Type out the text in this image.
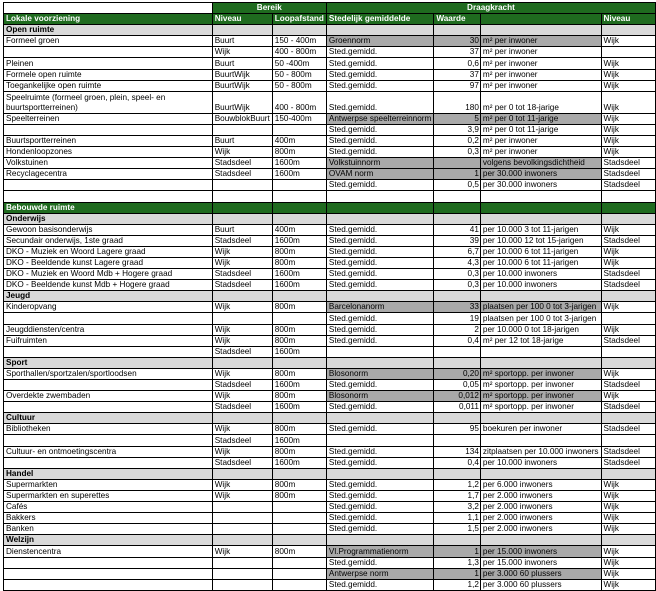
	Bereik		Draagkracht			
Lokale voorziening	Niveau	Loopafstand	Stedelijk gemiddelde	Waarde		Niveau
Open ruimte						
Formeel groen	Buurt	150 - 400m	Groennorm	30	m² per inwoner	Wijk
	Wijk	400 - 800m	Sted.gemidd.	37	m² per inwoner	
Pleinen	Buurt	50 -400m	Sted.gemidd.	0,6	m² per inwoner	Wijk
Formele open ruimte	BuurtWijk	50 - 800m	Sted.gemidd.	37	m² per inwoner	Wijk
Toegankelijke open ruimte	BuurtWijk	50 - 800m	Sted.gemidd.	97	m² per inwoner	Wijk
Speelruimte (formeel groen, plein, speel- en buurtsportterreinen)	BuurtWijk	400 - 800m	Sted.gemidd.	180	m² per 0 tot 18-jarige	Wijk
Speelterreinen	BouwblokBuurt	150-400m	Antwerpse speelterreinnorm	5	m² per 0 tot 11-jarige	Wijk
			Sted.gemidd.	3,9	m² per 0 tot 11-jarige	Wijk
Buurtsportterreinen	Buurt	400m	Sted.gemidd.	0,2	m² per inwoner	Wijk
Hondenloopzones	Wijk	800m	Sted.gemidd.	0,3	m² per inwoner	Wijk
Volkstuinen	Stadsdeel	1600m	Volkstuinnorm		volgens bevolkingsdichtheid	Stadsdeel
Recyclagecentra	Stadsdeel	1600m	OVAM norm	1	per 30.000 inwoners	Stadsdeel
			Sted.gemidd.	0,5	per 30.000 inwoners	Stadsdeel

Bebouwde ruimte						
Onderwijs						
Gewoon basisonderwijs	Buurt	400m	Sted.gemidd.	41	per 10.000 3 tot 11-jarigen	Wijk
Secundair onderwijs, 1ste graad	Stadsdeel	1600m	Sted.gemidd.	39	per 10.000 12 tot 15-jarigen	Stadsdeel
DKO - Muziek en Woord Lagere graad	Wijk	800m	Sted.gemidd.	6,7	per 10.000 6 tot 11-jarigen	Wijk
DKO - Beeldende kunst Lagere graad	Wijk	800m	Sted.gemidd.	4,3	per 10.000 6 tot 11-jarigen	Wijk
DKO - Muziek en Woord Mdb + Hogere graad	Stadsdeel	1600m	Sted.gemidd.	0,3	per 10.000 inwoners	Stadsdeel
DKO - Beeldende kunst Mdb + Hogere graad	Stadsdeel	1600m	Sted.gemidd.	0,3	per 10.000 inwoners	Stadsdeel
Jeugd						
Kinderopvang	Wijk	800m	Barcelonanorm	33	plaatsen per 100 0 tot 3-jarigen	Wijk
			Sted.gemidd.	19	plaatsen per 100 0 tot 3-jarigen	
Jeugddiensten/centra	Wijk	800m	Sted.gemidd.	2	per 10.000 0 tot 18-jarigen	Wijk
Fuifruimten	Wijk	800m	Sted.gemidd.	0,4	m² per 12 tot 18-jarige	Stadsdeel
	Stadsdeel	1600m				
Sport						
Sporthallen/sportzalen/sportloodsen	Wijk	800m	Blosonorm	0,20	m² sportopp. per inwoner	Wijk
	Stadsdeel	1600m	Sted.gemidd.	0,05	m² sportopp. per inwoner	Stadsdeel
Overdekte zwembaden	Wijk	800m	Blosonorm	0,012	m² sportopp. per inwoner	Wijk
	Stadsdeel	1600m	Sted.gemidd.	0,011	m² sportopp. per inwoner	Stadsdeel
Cultuur						
Bibliotheken	Wijk	800m	Sted.gemidd.	95	boekuren per inwoner	Stadsdeel
	Stadsdeel	1600m				
Cultuur- en ontmoetingscentra	Wijk	800m	Sted.gemidd.	134	zitplaatsen per 10.000 inwoners	Stadsdeel
	Stadsdeel	1600m	Sted.gemidd.	0,4	per 10.000 inwoners	Stadsdeel
Handel						
Supermarkten	Wijk	800m	Sted.gemidd.	1,2	per 6.000 inwoners	Wijk
Supermarkten en superettes	Wijk	800m	Sted.gemidd.	1,7	per 2.000 inwoners	Wijk
Cafés			Sted.gemidd.	3,2	per 2.000 inwoners	Wijk
Bakkers			Sted.gemidd.	1,1	per 2.000 inwoners	Wijk
Banken			Sted.gemidd.	1,5	per 2.000 inwoners	Wijk
Welzijn						
Dienstencentra	Wijk	800m	Vl.Programmatienorm	1	per 15.000 inwoners	Wijk
			Sted.gemidd.	1,3	per 15.000 inwoners	Wijk
			Antwerpse norm	1	per 3.000 60 plussers	Wijk
			Sted.gemidd.	1,2	per 3.000 60 plussers	Wijk
